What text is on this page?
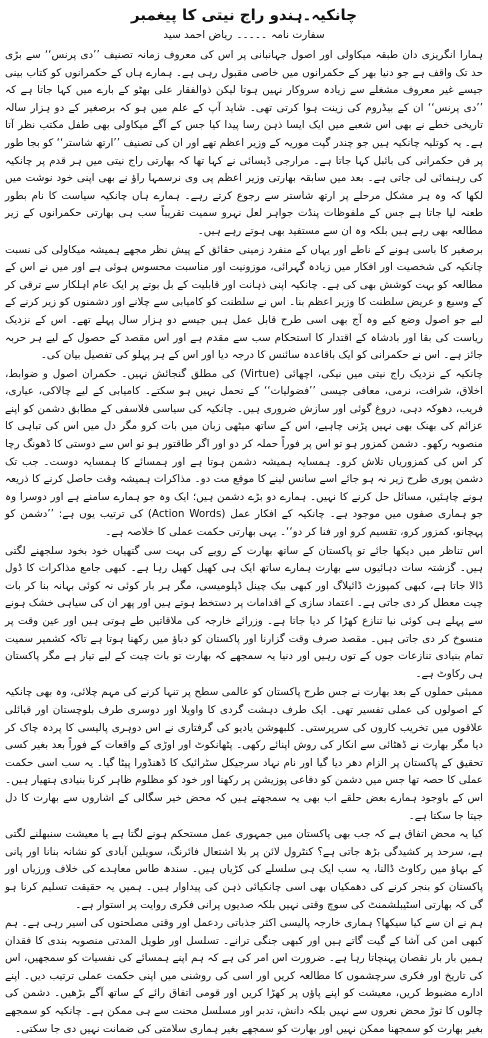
چانکیہ۔ہندو راج نیتی کا پیغمبر
سفارت نامہ۔۔۔۔۔ریاض احمد سید

ہمارا انگریزی دان طبقہ میکاولی اور اصول جہانبانی پر اس کی معروف زمانہ تصنیف ’’دی پرنس‘‘ سے بڑی حد تک واقف ہے جو دنیا بھر کے حکمرانوں میں خاصی مقبول رہی ہے۔ ہمارے ہاں کے حکمرانوں کو کتاب بینی جیسے غیر معروف مشغلے سے زیادہ سروکار نہیں ہوتا لیکن ذوالفقار علی بھٹو کے بارے میں کہا جاتا ہے کہ ’’دی پرنس‘‘ ان کے بیڈروم کی زینت ہوا کرتی تھی۔ شاید آپ کے علم میں ہو کہ برصغیر کے دو ہزار سالہ تاریخی خطے نے بھی اس شعبے میں ایک ایسا ذہن رسا پیدا کیا جس کے آگے میکاولی بھی طفل مکتب نظر آتا ہے۔ یہ کوتلیہ چانکیہ ہیں جو چندر گپت موریہ کے وزیر اعظم تھے اور ان کی تصنیف ’’ارتھ شاستر‘‘ کو بجا طور پر فن حکمرانی کی بائبل کہا جاتا ہے۔ مرارجی ڈیسائی نے کہا تھا کہ بھارتی راج نیتی میں ہر قدم پر چانکیہ کی رہنمائی لی جاتی ہے۔ بعد میں سابقہ بھارتی وزیر اعظم پی وی نرسمہا راؤ نے بھی اپنی خود نوشت میں لکھا کہ وہ ہر مشکل مرحلے پر ارتھ شاستر سے رجوع کرتے رہے۔ ہمارے ہاں چانکیہ سیاست کا نام بطور طعنہ لیا جاتا ہے جس کے ملفوظات پنڈت جواہر لعل نہرو سمیت تقریباً سب ہی بھارتی حکمرانوں کے زیر مطالعہ بھی رہے ہیں بلکہ وہ ان سے مستفید بھی ہوتے رہے ہیں۔

برصغیر کا باسی ہونے کے ناطے اور یہاں کے منفرد زمینی حقائق کے پیش نظر مجھے ہمیشہ میکاولی کی نسبت چانکیہ کی شخصیت اور افکار میں زیادہ گہرائی، موزونیت اور مناسبت محسوس ہوئی ہے اور میں نے اس کے مطالعہ کو بہت کوشش بھی کی ہے۔ چانکیہ اپنی ذہانت اور قابلیت کے بل بوتے پر ایک عام اہلکار سے ترقی کر کے وسیع و عریض سلطنت کا وزیر اعظم بنا۔ اس نے سلطنت کو کامیابی سے چلانے اور دشمنوں کو زیر کرنے کے لیے جو اصول وضع کیے وہ آج بھی اسی طرح قابل عمل ہیں جیسے دو ہزار سال پہلے تھے۔ اس کے نزدیک ریاست کی بقا اور بادشاہ کے اقتدار کا استحکام سب سے مقدم ہے اور اس مقصد کے حصول کے لیے ہر حربہ جائز ہے۔ اس نے حکمرانی کو ایک باقاعدہ سائنس کا درجہ دیا اور اس کے ہر پہلو کی تفصیل بیان کی۔

چانکیہ کے نزدیک راج نیتی میں نیکی، اچھائی (Virtue) کی مطلق گنجائش نہیں۔ حکمران اصول و ضوابط، اخلاق، شرافت، نرمی، معافی جیسی ’’فضولیات‘‘ کے تحمل نہیں ہو سکتے۔ کامیابی کے لیے چالاکی، عیاری، فریب، دھوکہ دہی، دروغ گوئی اور سازش ضروری ہیں۔ چانکیہ کی سیاسی فلاسفی کے مطابق دشمن کو اپنے عزائم کی بھنک بھی نہیں پڑنی چاہیے، اس کے ساتھ میٹھی زبان میں بات کرو مگر دل میں اس کی تباہی کا منصوبہ رکھو۔ دشمن کمزور ہو تو اس پر فوراً حملہ کر دو اور اگر طاقتور ہو تو اس سے دوستی کا ڈھونگ رچا کر اس کی کمزوریاں تلاش کرو۔ ہمسایہ ہمیشہ دشمن ہوتا ہے اور ہمسائے کا ہمسایہ دوست۔ جب تک دشمن پوری طرح زیر نہ ہو جائے اسے سانس لینے کا موقع مت دو۔ مذاکرات ہمیشہ وقت حاصل کرنے کا ذریعہ ہونے چاہئیں، مسائل حل کرنے کا نہیں۔ ہمارے دو بڑے دشمن ہیں؛ ایک وہ جو ہمارے سامنے ہے اور دوسرا وہ جو ہماری صفوں میں موجود ہے۔ چانکیہ کے افکار عمل (Action Words) کی ترتیب یوں ہے: ’’دشمن کو پہچانو، کمزور کرو، تقسیم کرو اور فنا کر دو‘‘۔ یہی بھارتی حکمت عملی کا خلاصہ ہے۔

اس تناظر میں دیکھا جائے تو پاکستان کے ساتھ بھارت کے رویے کی بہت سی گتھیاں خود بخود سلجھنے لگتی ہیں۔ گزشتہ سات دہائیوں سے بھارت ہمارے ساتھ ایک ہی کھیل کھیل رہا ہے۔ کبھی جامع مذاکرات کا ڈول ڈالا جاتا ہے، کبھی کمپوزٹ ڈائیلاگ اور کبھی بیک چینل ڈپلومیسی، مگر ہر بار کوئی نہ کوئی بہانہ بنا کر بات چیت معطل کر دی جاتی ہے۔ اعتماد سازی کے اقدامات پر دستخط ہوتے ہیں اور پھر ان کی سیاہی خشک ہونے سے پہلے ہی کوئی نیا تنازع کھڑا کر دیا جاتا ہے۔ وزرائے خارجہ کی ملاقاتیں طے ہوتی ہیں اور عین وقت پر منسوخ کر دی جاتی ہیں۔ مقصد صرف وقت گزارنا اور پاکستان کو دباؤ میں رکھنا ہوتا ہے تاکہ کشمیر سمیت تمام بنیادی تنازعات جوں کے توں رہیں اور دنیا یہ سمجھے کہ بھارت تو بات چیت کے لیے تیار ہے مگر پاکستان ہی رکاوٹ ہے۔

ممبئی حملوں کے بعد بھارت نے جس طرح پاکستان کو عالمی سطح پر تنہا کرنے کی مہم چلائی، وہ بھی چانکیہ کے اصولوں کی عملی تفسیر تھی۔ ایک طرف دہشت گردی کا واویلا اور دوسری طرف بلوچستان اور قبائلی علاقوں میں تخریب کاروں کی سرپرستی۔ کلبھوشن یادیو کی گرفتاری نے اس دوہری پالیسی کا پردہ چاک کر دیا مگر بھارت نے ڈھٹائی سے انکار کی روش اپنائے رکھی۔ پٹھانکوٹ اور اوڑی کے واقعات کے فوراً بعد بغیر کسی تحقیق کے پاکستان پر الزام دھر دیا گیا اور نام نہاد سرجیکل سٹرائیک کا ڈھنڈورا پیٹا گیا۔ یہ سب اسی حکمت عملی کا حصہ تھا جس میں دشمن کو دفاعی پوزیشن پر رکھنا اور خود کو مظلوم ظاہر کرنا بنیادی ہتھیار ہیں۔ اس کے باوجود ہمارے بعض حلقے اب بھی یہ سمجھتے ہیں کہ محض خیر سگالی کے اشاروں سے بھارت کا دل جیتا جا سکتا ہے۔

کیا یہ محض اتفاق ہے کہ جب بھی پاکستان میں جمہوری عمل مستحکم ہونے لگتا ہے یا معیشت سنبھلنے لگتی ہے، سرحد پر کشیدگی بڑھ جاتی ہے؟ کنٹرول لائن پر بلا اشتعال فائرنگ، سویلین آبادی کو نشانہ بنانا اور پانی کے بہاؤ میں رکاوٹ ڈالنا، یہ سب ایک ہی سلسلے کی کڑیاں ہیں۔ سندھ طاس معاہدے کی خلاف ورزیاں اور پاکستان کو بنجر کرنے کی دھمکیاں بھی اسی چانکیائی ذہن کی پیداوار ہیں۔ ہمیں یہ حقیقت تسلیم کرنا ہو گی کہ بھارتی اسٹیبلشمنٹ کی سوچ وقتی نہیں بلکہ صدیوں پرانی فکری روایت پر استوار ہے۔

ہم نے ان سے کیا سیکھا؟ ہماری خارجہ پالیسی اکثر جذباتی ردعمل اور وقتی مصلحتوں کی اسیر رہی ہے۔ ہم کبھی امن کی آشا کے گیت گاتے ہیں اور کبھی جنگی ترانے۔ تسلسل اور طویل المدتی منصوبہ بندی کا فقدان ہمیں بار بار نقصان پہنچاتا رہا ہے۔ ضرورت اس امر کی ہے کہ ہم اپنے ہمسائے کی نفسیات کو سمجھیں، اس کی تاریخ اور فکری سرچشموں کا مطالعہ کریں اور اسی کی روشنی میں اپنی حکمت عملی ترتیب دیں۔ اپنے ادارے مضبوط کریں، معیشت کو اپنے پاؤں پر کھڑا کریں اور قومی اتفاق رائے کے ساتھ آگے بڑھیں۔ دشمن کی چالوں کا توڑ محض نعروں سے نہیں بلکہ دانش، تدبر اور مسلسل محنت سے ہی ممکن ہے۔ چانکیہ کو سمجھے بغیر بھارت کو سمجھنا ممکن نہیں اور بھارت کو سمجھے بغیر ہماری سلامتی کی ضمانت نہیں دی جا سکتی۔
